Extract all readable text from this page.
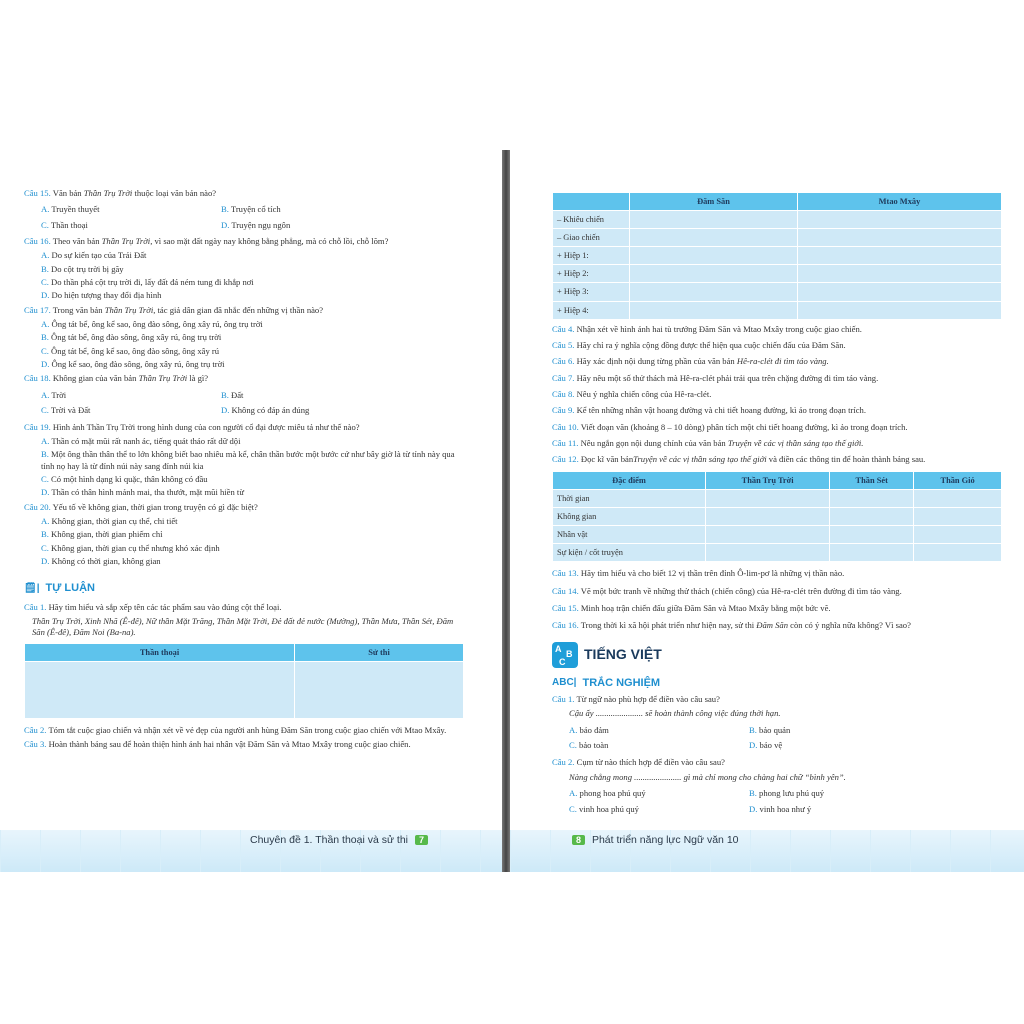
Câu 15. Văn bản Thần Trụ Trời thuộc loại văn bản nào?
A. Truyền thuyết	B. Truyện cổ tích
C. Thần thoại	D. Truyện ngụ ngôn
Câu 16. Theo văn bản Thần Trụ Trời, vì sao mặt đất ngày nay không bằng phẳng, mà có chỗ lồi, chỗ lõm?
A. Do sự kiến tạo của Trái Đất
B. Do cột trụ trời bị gãy
C. Do thần phá cột trụ trời đi, lấy đất đá ném tung đi khắp nơi
D. Do hiện tượng thay đổi địa hình
Câu 17. Trong văn bản Thần Trụ Trời, tác giả dân gian đã nhắc đến những vị thần nào?
A. Ông tát bể, ông kể sao, ông đào sông, ông xây rú, ông trụ trời
B. Ông tát bể, ông đào sông, ông xây rú, ông trụ trời
C. Ông tát bể, ông kể sao, ông đào sông, ông xây rú
D. Ông kể sao, ông đào sông, ông xây rú, ông trụ trời
Câu 18. Không gian của văn bản Thần Trụ Trời là gì?
A. Trời	B. Đất
C. Trời và Đất	D. Không có đáp án đúng
Câu 19. Hình ảnh Thần Trụ Trời trong hình dung của con người cổ đại được miêu tả như thế nào?
A. Thần có mặt mũi rất nanh ác, tiếng quát tháo rất dữ dội
B. Một ông thần thân thể to lớn không biết bao nhiêu mà kể, chân thần bước một bước cứ như bây giờ là từ tỉnh này qua tỉnh nọ hay là từ đỉnh núi này sang đỉnh núi kia
C. Có một hình dạng kì quặc, thân không có đầu
D. Thần có thân hình mảnh mai, tha thướt, mặt mũi hiền từ
Câu 20. Yếu tố về không gian, thời gian trong truyện có gì đặc biệt?
A. Không gian, thời gian cụ thể, chi tiết
B. Không gian, thời gian phiếm chỉ
C. Không gian, thời gian cụ thể nhưng khó xác định
D. Không có thời gian, không gian
🗒| TỰ LUẬN
Câu 1. Hãy tìm hiểu và sắp xếp tên các tác phẩm sau vào đúng cột thể loại.
Thần Trụ Trời, Xinh Nhã (Ê-đê), Nữ thần Mặt Trăng, Thần Mặt Trời, Đẻ đất đẻ nước (Mường), Thần Mưa, Thần Sét, Đăm Săn (Ê-đê), Đăm Noi (Ba-na).
Thần thoại	Sử thi

Câu 2. Tóm tắt cuộc giao chiến và nhận xét về vẻ đẹp của người anh hùng Đăm Săn trong cuộc giao chiến với Mtao Mxây.
Câu 3. Hoàn thành bảng sau để hoàn thiện hình ảnh hai nhân vật Đăm Săn và Mtao Mxây trong cuộc giao chiến.
Chuyên đề 1. Thần thoại và sử thi 7
	Đăm Săn	Mtao Mxây
– Khiêu chiến		
– Giao chiến		
+ Hiệp 1:		
+ Hiệp 2:		
+ Hiệp 3:		
+ Hiệp 4:		
Câu 4. Nhận xét về hình ảnh hai tù trưởng Đăm Săn và Mtao Mxây trong cuộc giao chiến.
Câu 5. Hãy chỉ ra ý nghĩa cộng đồng được thể hiện qua cuộc chiến đấu của Đăm Săn.
Câu 6. Hãy xác định nội dung từng phần của văn bản Hê-ra-clét đi tìm táo vàng.
Câu 7. Hãy nêu một số thử thách mà Hê-ra-clét phải trải qua trên chặng đường đi tìm táo vàng.
Câu 8. Nêu ý nghĩa chiến công của Hê-ra-clét.
Câu 9. Kể tên những nhân vật hoang đường và chi tiết hoang đường, kì ảo trong đoạn trích.
Câu 10. Viết đoạn văn (khoảng 8 – 10 dòng) phân tích một chi tiết hoang đường, kì ảo trong đoạn trích.
Câu 11. Nêu ngắn gọn nội dung chính của văn bản Truyện về các vị thần sáng tạo thế giới.
Câu 12. Đọc kĩ văn bảnTruyện về các vị thần sáng tạo thế giới và điền các thông tin để hoàn thành bảng sau.
Đặc điểm	Thần Trụ Trời	Thần Sét	Thần Gió
Thời gian			
Không gian			
Nhân vật			
Sự kiện / cốt truyện			
Câu 13. Hãy tìm hiểu và cho biết 12 vị thần trên đỉnh Ô-lim-pơ là những vị thần nào.
Câu 14. Vẽ một bức tranh về những thử thách (chiến công) của Hê-ra-clét trên đường đi tìm táo vàng.
Câu 15. Minh hoạ trận chiến đấu giữa Đăm Săn và Mtao Mxây bằng một bức vẽ.
Câu 16. Trong thời kì xã hội phát triển như hiện nay, sử thi Đăm Săn còn có ý nghĩa nữa không? Vì sao?
A B
C TIẾNG VIỆT
ABC| TRẮC NGHIỆM
Câu 1. Từ ngữ nào phù hợp để điền vào câu sau?
Cậu ấy ...................... sẽ hoàn thành công việc đúng thời hạn.
A. bảo đảm	B. bảo quản
C. bảo toàn	D. bảo vệ
Câu 2. Cụm từ nào thích hợp để điền vào câu sau?
Nàng chẳng mong ...................... gì mà chỉ mong cho chàng hai chữ “bình yên”.
A. phong hoa phú quý	B. phong lưu phú quý
C. vinh hoa phú quý	D. vinh hoa như ý
8 Phát triển năng lực Ngữ văn 10
